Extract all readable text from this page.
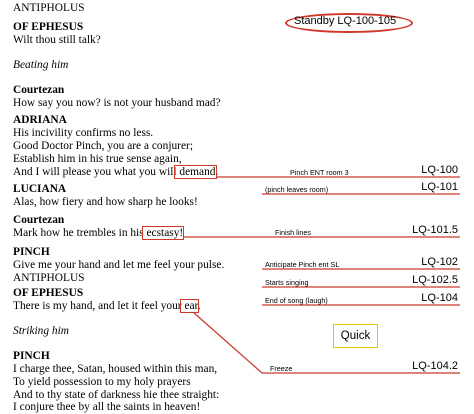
ANTIPHOLUS
OF EPHESUS
Wilt thou still talk?
Beating him
Courtezan
How say you now? is not your husband mad?
ADRIANA
His incivility confirms no less.
Good Doctor Pinch, you are a conjurer;
Establish him in his true sense again,
And I will please you what you will demand.
LUCIANA
Alas, how fiery and how sharp he looks!
Courtezan
Mark how he trembles in his ecstasy!
PINCH
Give me your hand and let me feel your pulse.
ANTIPHOLUS
OF EPHESUS
There is my hand, and let it feel your ear.
Striking him
PINCH
I charge thee, Satan, housed within this man,
To yield possession to my holy prayers
And to thy state of darkness hie thee straight:
I conjure thee by all the saints in heaven!
Standby LQ-100-105
Pinch ENT room 3
(pinch leaves room)
Finish lines
Anticipate Pinch ent SL
Starts singing
End of song (laugh)
Freeze
LQ-100
LQ-101
LQ-101.5
LQ-102
LQ-102.5
LQ-104
LQ-104.2
Quick
